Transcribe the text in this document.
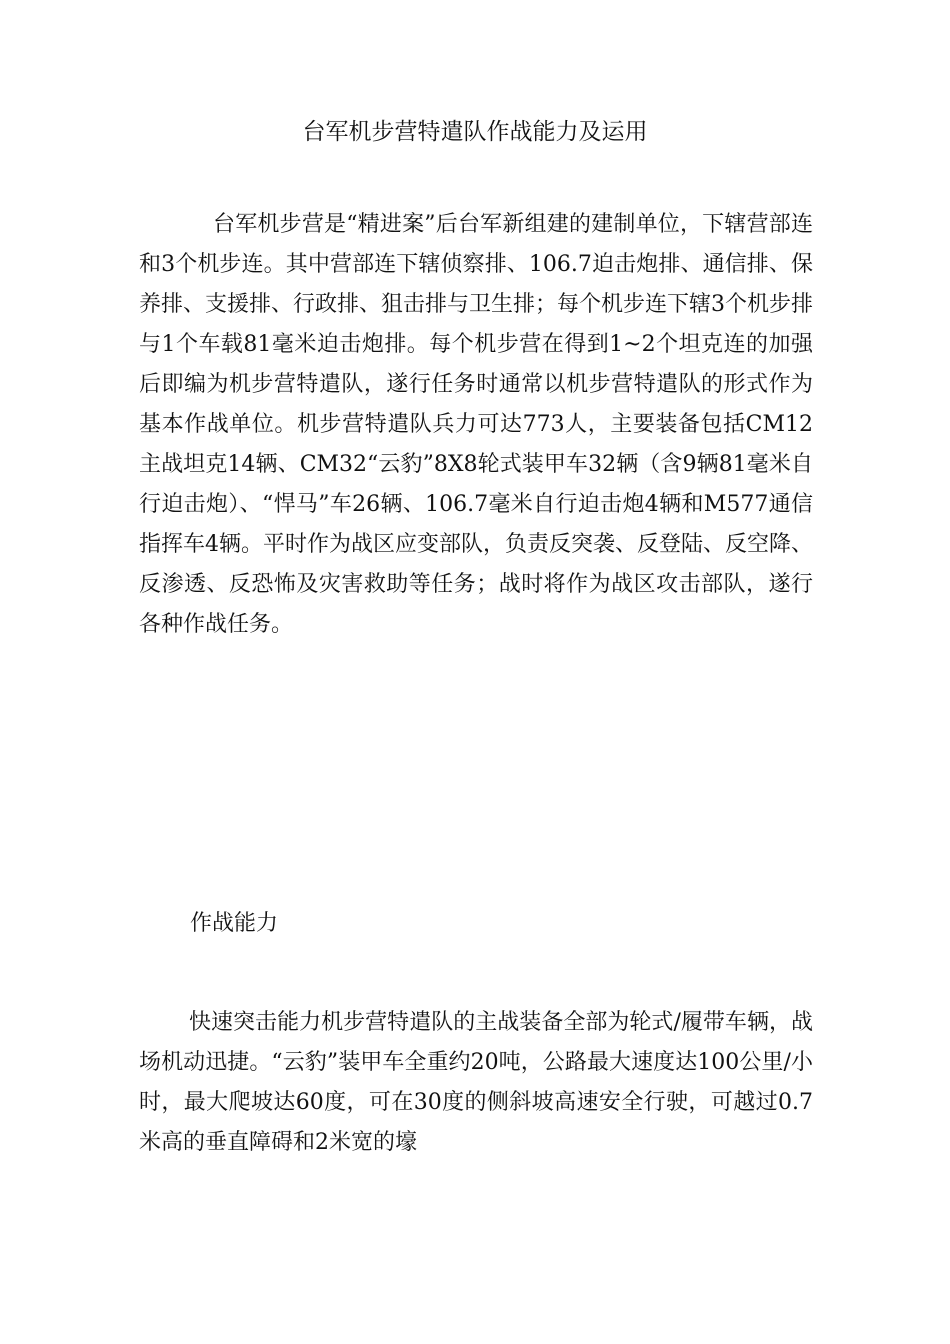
台军机步营特遣队作战能力及运用

台军机步营是“精进案”后台军新组建的建制单位，下辖营部连和3个机步连。其中营部连下辖侦察排、106.7迫击炮排、通信排、保养排、支援排、行政排、狙击排与卫生排；每个机步连下辖3个机步排与1个车载81毫米迫击炮排。每个机步营在得到1~2个坦克连的加强后即编为机步营特遣队，遂行任务时通常以机步营特遣队的形式作为基本作战单位。机步营特遣队兵力可达773人，主要装备包括CM12主战坦克14辆、CM32“云豹”8X8轮式装甲车32辆（含9辆81毫米自行迫击炮）、“悍马”车26辆、106.7毫米自行迫击炮4辆和M577通信指挥车4辆。平时作为战区应变部队，负责反突袭、反登陆、反空降、反渗透、反恐怖及灾害救助等任务；战时将作为战区攻击部队，遂行各种作战任务。

作战能力

快速突击能力机步营特遣队的主战装备全部为轮式/履带车辆，战场机动迅捷。“云豹”装甲车全重约20吨，公路最大速度达100公里/小时，最大爬坡达60度，可在30度的侧斜坡高速安全行驶，可越过0.7米高的垂直障碍和2米宽的壕
